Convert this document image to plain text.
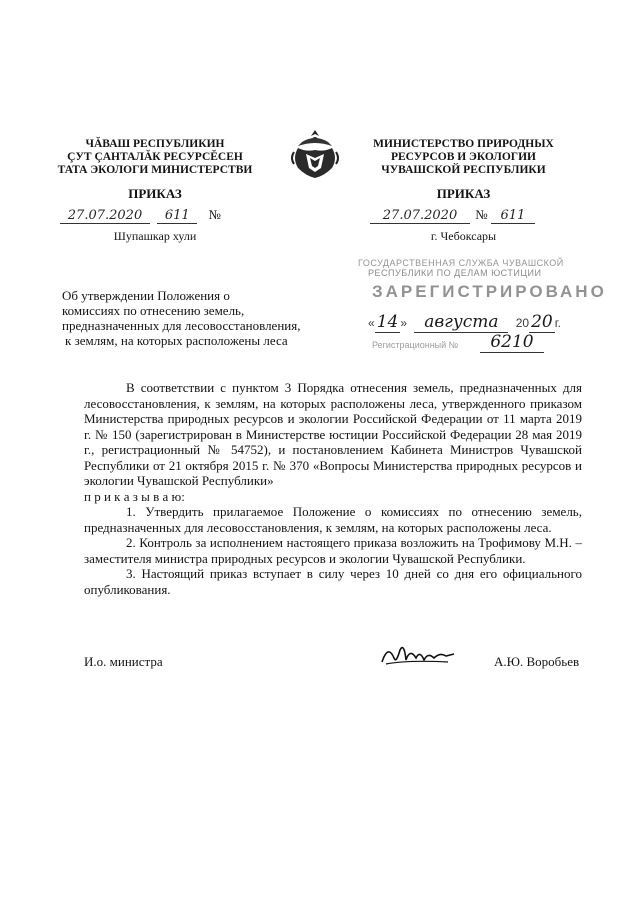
ЧĂВАШ РЕСПУБЛИКИН
ÇУТ ÇАНТАЛĂК РЕСУРСĔСЕН
ТАТА ЭКОЛОГИ МИНИСТЕРСТВИ
МИНИСТЕРСТВО ПРИРОДНЫХ
РЕСУРСОВ И ЭКОЛОГИИ
ЧУВАШСКОЙ РЕСПУБЛИКИ
ПРИКАЗ	ПРИКАЗ
27.07.2020 611 №	27.07.2020 № 611
Шупашкар хули	г. Чебоксары
Об утверждении Положения о
комиссиях по отнесению земель,
предназначенных для лесовосстановления,
к землям, на которых расположены леса
ГОСУДАРСТВЕННАЯ СЛУЖБА ЧУВАШСКОЙ
РЕСПУБЛИКИ ПО ДЕЛАМ ЮСТИЦИИ
ЗАРЕГИСТРИРОВАНО
« 14 » августа 20 20 г.
Регистрационный №	6210

В соответствии с пунктом 3 Порядка отнесения земель, предназначенных для лесовосстановления, к землям, на которых расположены леса, утвержденного приказом Министерства природных ресурсов и экологии Российской Федерации от 11 марта 2019 г. № 150 (зарегистрирован в Министерстве юстиции Российской Федерации 28 мая 2019 г., регистрационный № 54752), и постановлением Кабинета Министров Чувашской Республики от 21 октября 2015 г. № 370 «Вопросы Министерства природных ресурсов и экологии Чувашской Республики»

п р и к а з ы в а ю:

1. Утвердить прилагаемое Положение о комиссиях по отнесению земель, предназначенных для лесовосстановления, к землям, на которых расположены леса.

2. Контроль за исполнением настоящего приказа возложить на Трофимову М.Н. – заместителя министра природных ресурсов и экологии Чувашской Республики.

3. Настоящий приказ вступает в силу через 10 дней со дня его официального опубликования.

И.о. министра	А.Ю. Воробьев
